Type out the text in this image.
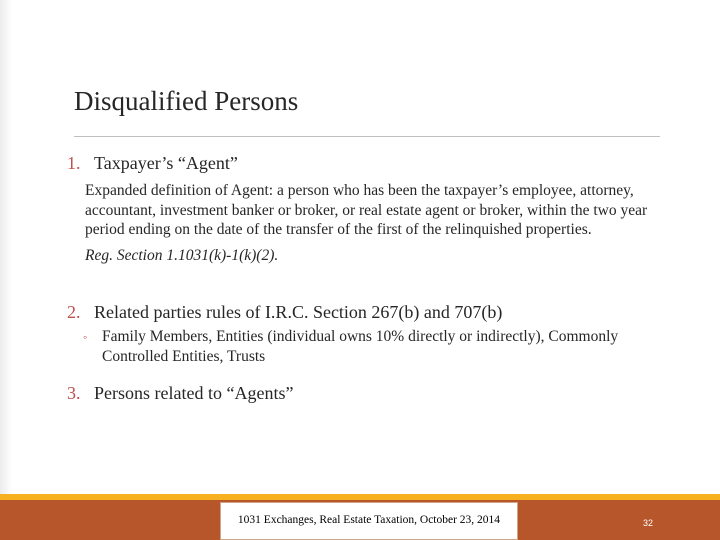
Disqualified Persons
1. Taxpayer’s “Agent”

Expanded definition of Agent: a person who has been the taxpayer’s employee, attorney, accountant, investment banker or broker, or real estate agent or broker, within the two year period ending on the date of the transfer of the first of the relinquished properties.

Reg. Section 1.1031(k)-1(k)(2).

2. Related parties rules of I.R.C. Section 267(b) and 707(b)
◦ Family Members, Entities (individual owns 10% directly or indirectly), Commonly Controlled Entities, Trusts
3. Persons related to “Agents”
1031 Exchanges, Real Estate Taxation, October 23, 2014	32
